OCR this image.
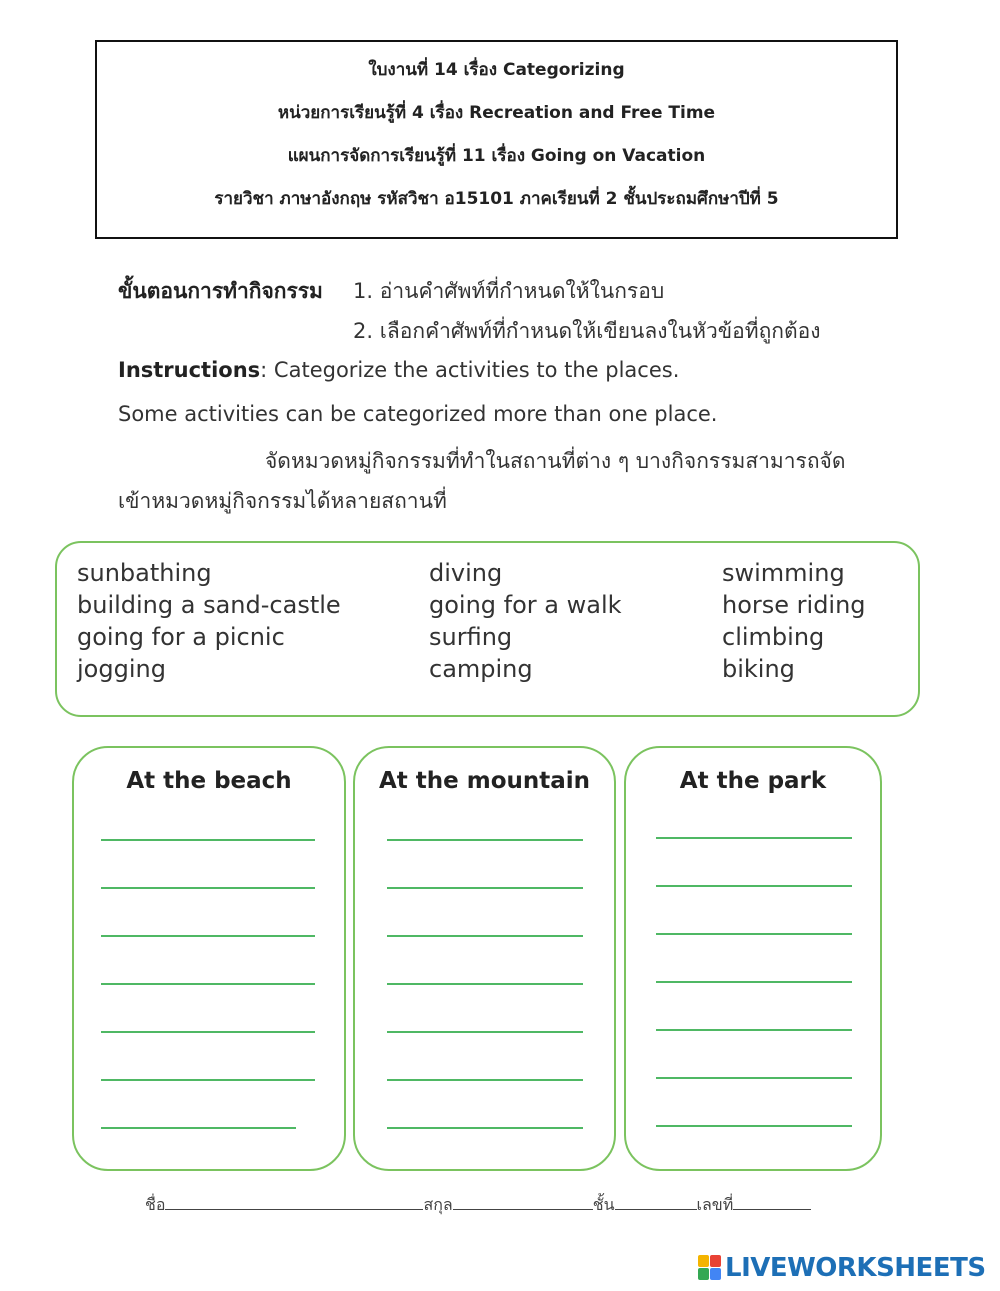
ใบงานที่ 14 เรื่อง Categorizing
หน่วยการเรียนรู้ที่ 4 เรื่อง Recreation and Free Time
แผนการจัดการเรียนรู้ที่ 11 เรื่อง Going on Vacation
รายวิชา ภาษาอังกฤษ รหัสวิชา อ15101 ภาคเรียนที่ 2 ชั้นประถมศึกษาปีที่ 5
ขั้นตอนการทำกิจกรรม 1. อ่านคำศัพท์ที่กำหนดให้ในกรอบ
2. เลือกคำศัพท์ที่กำหนดให้เขียนลงในหัวข้อที่ถูกต้อง
Instructions: Categorize the activities to the places.
Some activities can be categorized more than one place.
จัดหมวดหมู่กิจกรรมที่ทำในสถานที่ต่าง ๆ บางกิจกรรมสามารถจัด
เข้าหมวดหมู่กิจกรรมได้หลายสถานที่
sunbathing
building a sand-castle
going for a picnic
jogging
diving
going for a walk
surfing
camping
swimming
horse riding
climbing
biking
At the beach	At the mountain	At the park
ชื่อ	สกุล	ชั้น	เลขที่
LIVEWORKSHEETS
